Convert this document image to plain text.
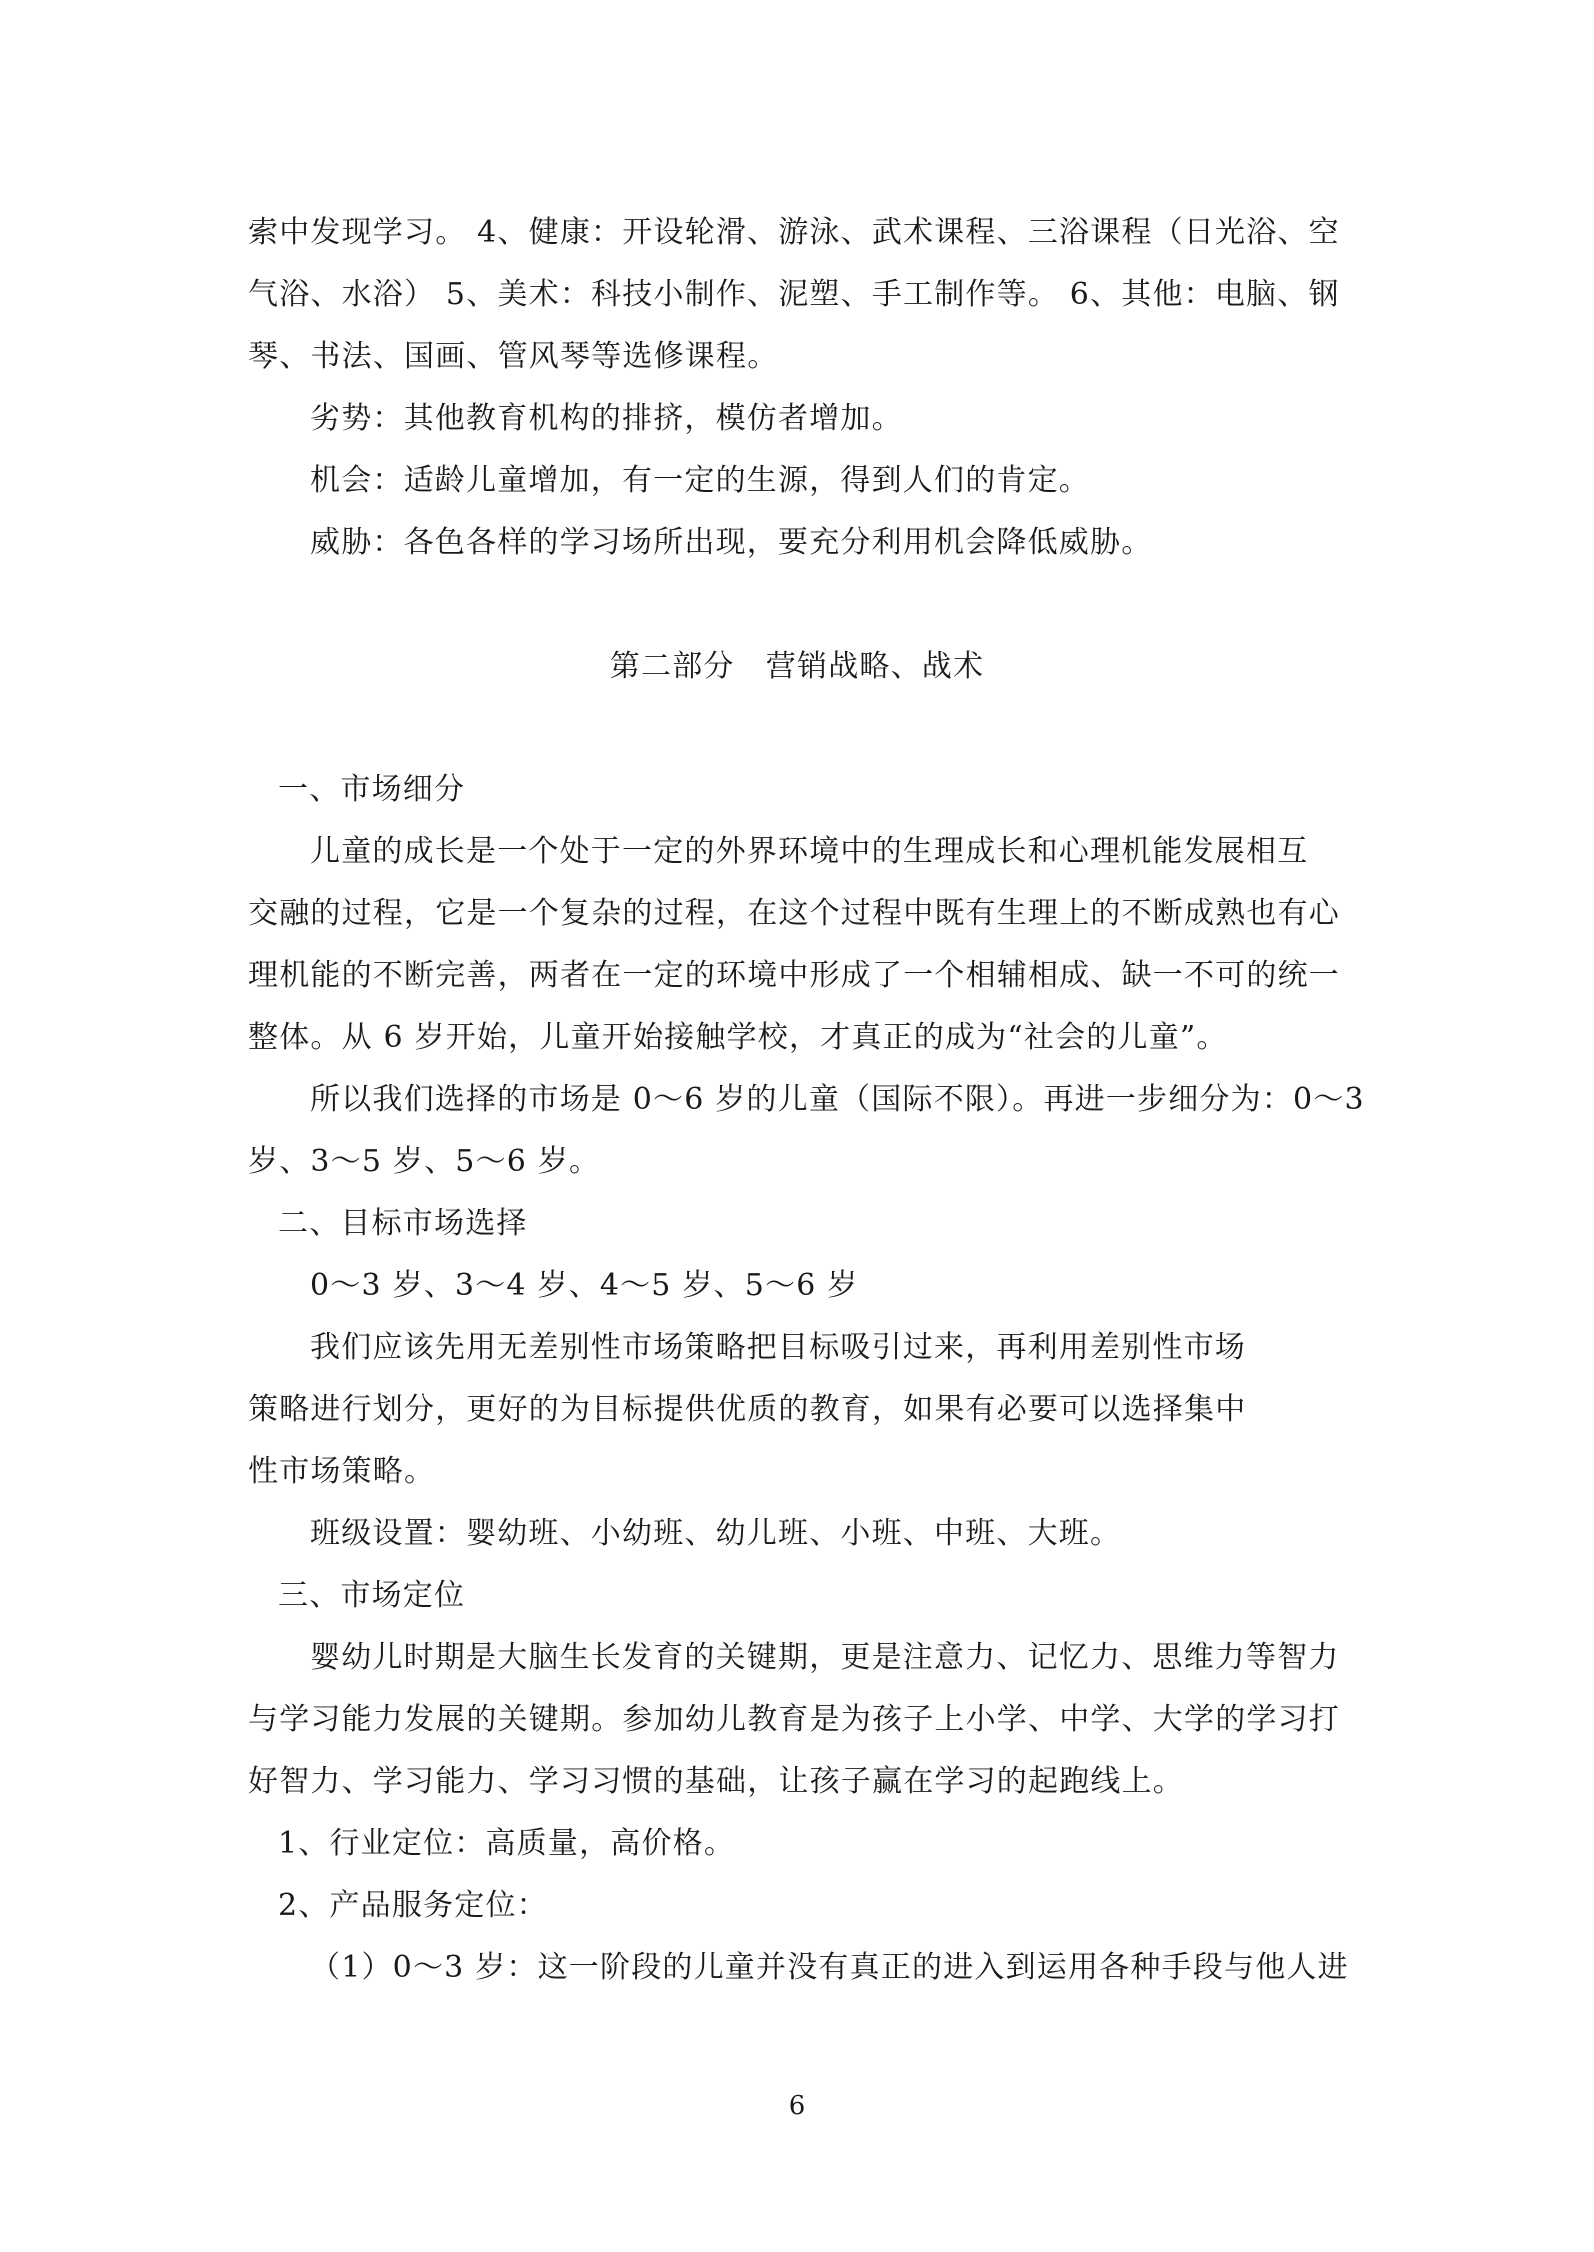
索中发现学习。 4、健康：开设轮滑、游泳、武术课程、三浴课程（日光浴、空
气浴、水浴） 5、美术：科技小制作、泥塑、手工制作等。 6、其他：电脑、钢
琴、书法、国画、管风琴等选修课程。
劣势：其他教育机构的排挤，模仿者增加。
机会：适龄儿童增加，有一定的生源，得到人们的肯定。
威胁：各色各样的学习场所出现，要充分利用机会降低威胁。
第二部分　营销战略、战术
一、市场细分
儿童的成长是一个处于一定的外界环境中的生理成长和心理机能发展相互
交融的过程，它是一个复杂的过程，在这个过程中既有生理上的不断成熟也有心
理机能的不断完善，两者在一定的环境中形成了一个相辅相成、缺一不可的统一
整体。从 6 岁开始，儿童开始接触学校，才真正的成为“社会的儿童”。
所以我们选择的市场是 0～6 岁的儿童（国际不限）。再进一步细分为：0～3
岁、3～5 岁、5～6 岁。
二、目标市场选择
0～3 岁、3～4 岁、4～5 岁、5～6 岁
我们应该先用无差别性市场策略把目标吸引过来，再利用差别性市场
策略进行划分，更好的为目标提供优质的教育，如果有必要可以选择集中
性市场策略。
班级设置：婴幼班、小幼班、幼儿班、小班、中班、大班。
三、市场定位
婴幼儿时期是大脑生长发育的关键期，更是注意力、记忆力、思维力等智力
与学习能力发展的关键期。参加幼儿教育是为孩子上小学、中学、大学的学习打
好智力、学习能力、学习习惯的基础，让孩子赢在学习的起跑线上。
1、行业定位：高质量，高价格。
2、产品服务定位：
（1）0～3 岁：这一阶段的儿童并没有真正的进入到运用各种手段与他人进
6
